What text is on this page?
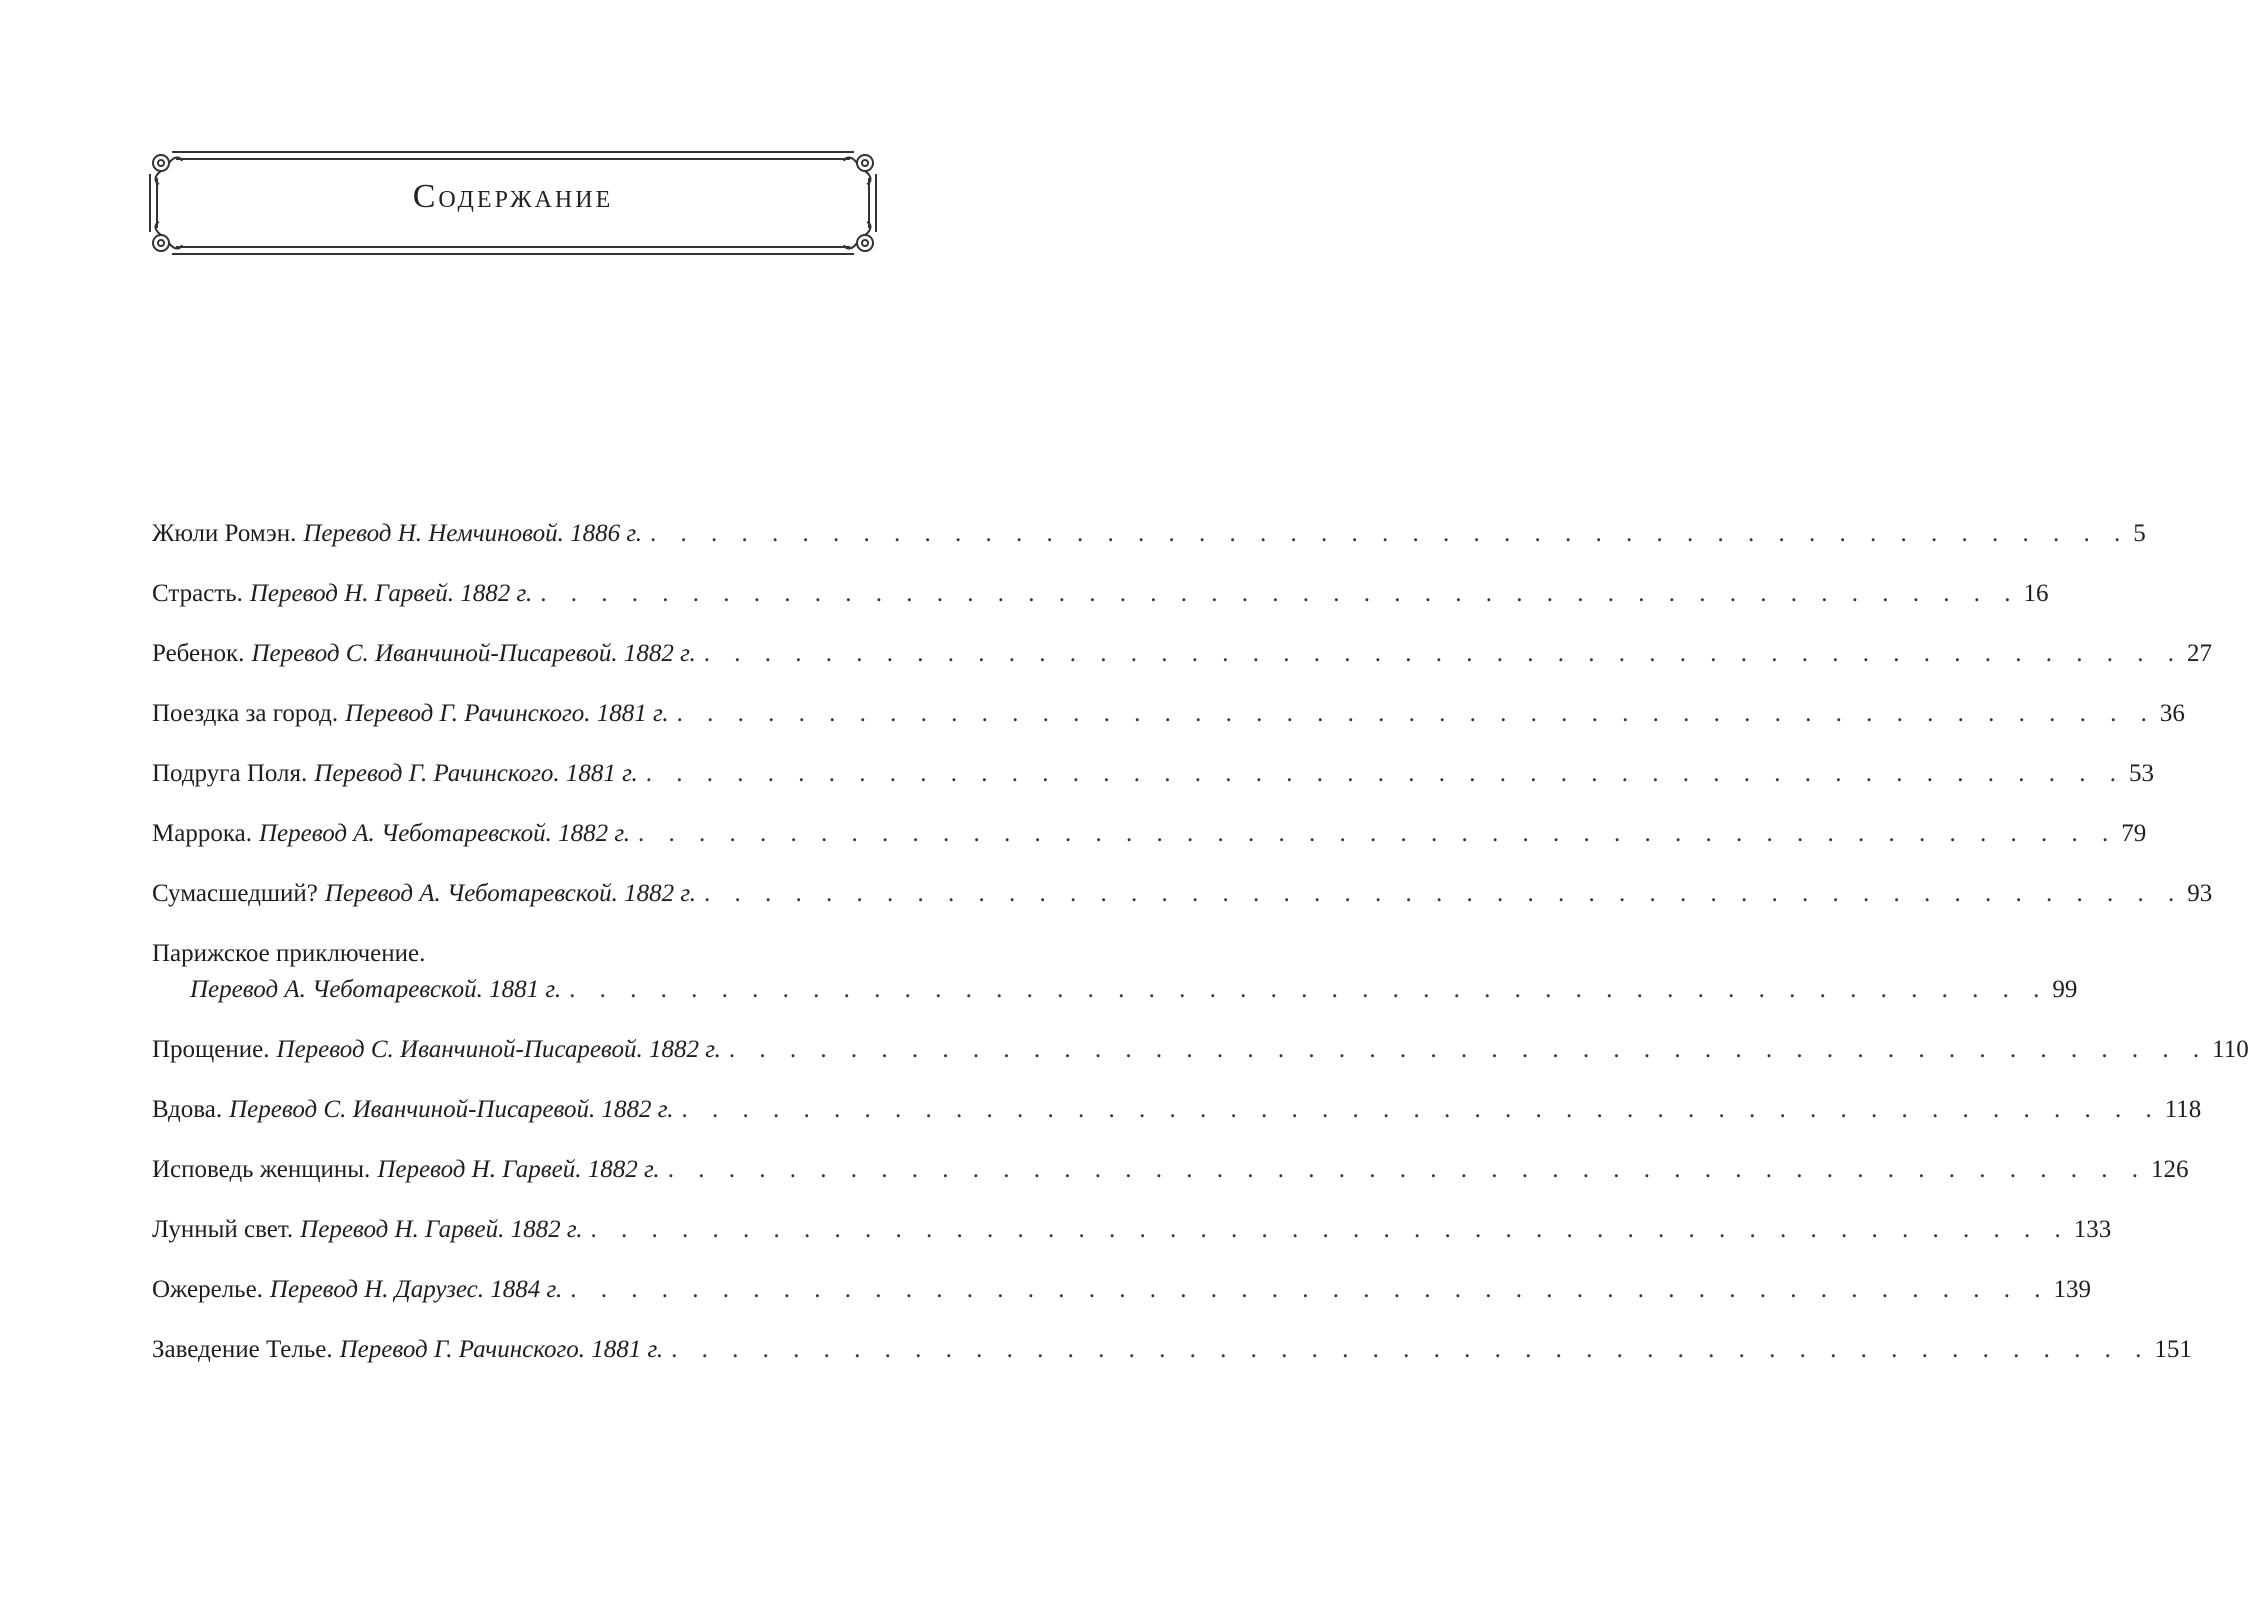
Содержание
Жюли Ромэн. Перевод Н. Немчиновой. 1886 г. . . . . . . . . . . . . . . . . . . . . . . . . . . . . . . . . . . . . . . . . . . . . . . . . . 5
Страсть. Перевод Н. Гарвей. 1882 г. . . . . . . . . . . . . . . . . . . . . . . . . . . . . . . . . . . . . . . . . . . . . . . . . . 16
Ребенок. Перевод С. Иванчиной-Писаревой. 1882 г. . . . . . . . . . . . . . . . . . . . . . . . . . . . . . . . . . . . . . . . . . . . . . . . . . 27
Поездка за город. Перевод Г. Рачинского. 1881 г. . . . . . . . . . . . . . . . . . . . . . . . . . . . . . . . . . . . . . . . . . . . . . . . . . 36
Подруга Поля. Перевод Г. Рачинского. 1881 г. . . . . . . . . . . . . . . . . . . . . . . . . . . . . . . . . . . . . . . . . . . . . . . . . . 53
Маррока. Перевод А. Чеботаревской. 1882 г. . . . . . . . . . . . . . . . . . . . . . . . . . . . . . . . . . . . . . . . . . . . . . . . . . 79
Сумасшедший? Перевод А. Чеботаревской. 1882 г. . . . . . . . . . . . . . . . . . . . . . . . . . . . . . . . . . . . . . . . . . . . . . . . . . 93
Парижское приключение.
Перевод А. Чеботаревской. 1881 г. . . . . . . . . . . . . . . . . . . . . . . . . . . . . . . . . . . . . . . . . . . . . . . . . . 99
Прощение. Перевод С. Иванчиной-Писаревой. 1882 г. . . . . . . . . . . . . . . . . . . . . . . . . . . . . . . . . . . . . . . . . . . . . . . . . . 110
Вдова. Перевод С. Иванчиной-Писаревой. 1882 г. . . . . . . . . . . . . . . . . . . . . . . . . . . . . . . . . . . . . . . . . . . . . . . . . . 118
Исповедь женщины. Перевод Н. Гарвей. 1882 г. . . . . . . . . . . . . . . . . . . . . . . . . . . . . . . . . . . . . . . . . . . . . . . . . . 126
Лунный свет. Перевод Н. Гарвей. 1882 г. . . . . . . . . . . . . . . . . . . . . . . . . . . . . . . . . . . . . . . . . . . . . . . . . . 133
Ожерелье. Перевод Н. Дарузес. 1884 г. . . . . . . . . . . . . . . . . . . . . . . . . . . . . . . . . . . . . . . . . . . . . . . . . . 139
Заведение Телье. Перевод Г. Рачинского. 1881 г. . . . . . . . . . . . . . . . . . . . . . . . . . . . . . . . . . . . . . . . . . . . . . . . . . 151
